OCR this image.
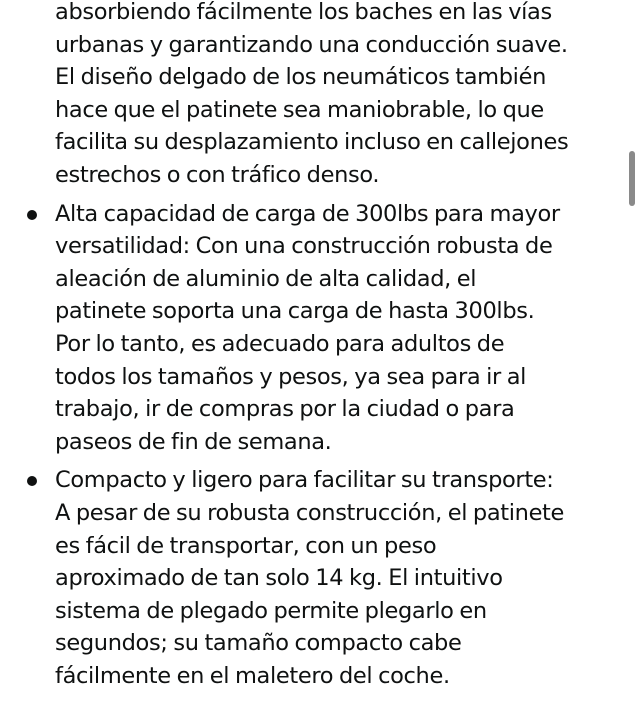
absorbiendo fácilmente los baches en las vías
urbanas y garantizando una conducción suave.
El diseño delgado de los neumáticos también
hace que el patinete sea maniobrable, lo que
facilita su desplazamiento incluso en callejones
estrechos o con tráfico denso.
Alta capacidad de carga de 300lbs para mayor
versatilidad: Con una construcción robusta de
aleación de aluminio de alta calidad, el
patinete soporta una carga de hasta 300lbs.
Por lo tanto, es adecuado para adultos de
todos los tamaños y pesos, ya sea para ir al
trabajo, ir de compras por la ciudad o para
paseos de fin de semana.
Compacto y ligero para facilitar su transporte:
A pesar de su robusta construcción, el patinete
es fácil de transportar, con un peso
aproximado de tan solo 14 kg. El intuitivo
sistema de plegado permite plegarlo en
segundos; su tamaño compacto cabe
fácilmente en el maletero del coche.
